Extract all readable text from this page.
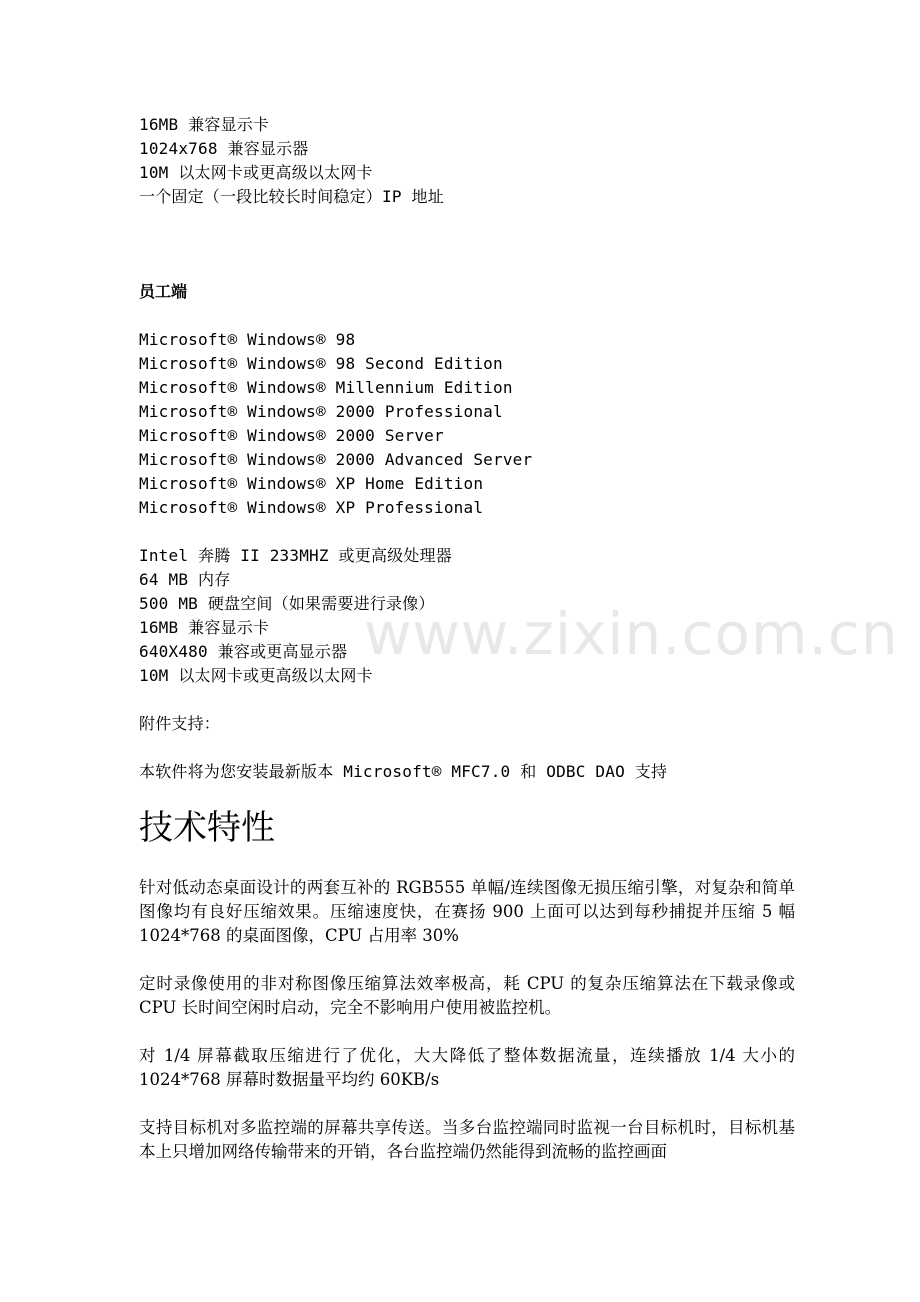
16MB 兼容显示卡
1024x768 兼容显示器
10M 以太网卡或更高级以太网卡
一个固定（一段比较长时间稳定）IP 地址
员工端
Microsoft® Windows® 98
Microsoft® Windows® 98 Second Edition
Microsoft® Windows® Millennium Edition
Microsoft® Windows® 2000 Professional
Microsoft® Windows® 2000 Server
Microsoft® Windows® 2000 Advanced Server
Microsoft® Windows® XP Home Edition
Microsoft® Windows® XP Professional
Intel 奔腾 II 233MHZ 或更高级处理器
64 MB 内存
500 MB 硬盘空间（如果需要进行录像）
16MB 兼容显示卡
640X480 兼容或更高显示器
10M 以太网卡或更高级以太网卡
附件支持：
本软件将为您安装最新版本 Microsoft® MFC7.0 和 ODBC DAO 支持
技术特性

针对低动态桌面设计的两套互补的 RGB555 单幅/连续图像无损压缩引擎，对复杂和简单图像均有良好压缩效果。压缩速度快，在赛扬 900 上面可以达到每秒捕捉并压缩 5 幅 1024*768 的桌面图像，CPU 占用率 30%

定时录像使用的非对称图像压缩算法效率极高，耗 CPU 的复杂压缩算法在下载录像或 CPU 长时间空闲时启动，完全不影响用户使用被监控机。

对 1/4 屏幕截取压缩进行了优化，大大降低了整体数据流量，连续播放 1/4 大小的 1024*768 屏幕时数据量平均约 60KB/s

支持目标机对多监控端的屏幕共享传送。当多台监控端同时监视一台目标机时，目标机基本上只增加网络传输带来的开销，各台监控端仍然能得到流畅的监控画面

www.zixin.com.cn
